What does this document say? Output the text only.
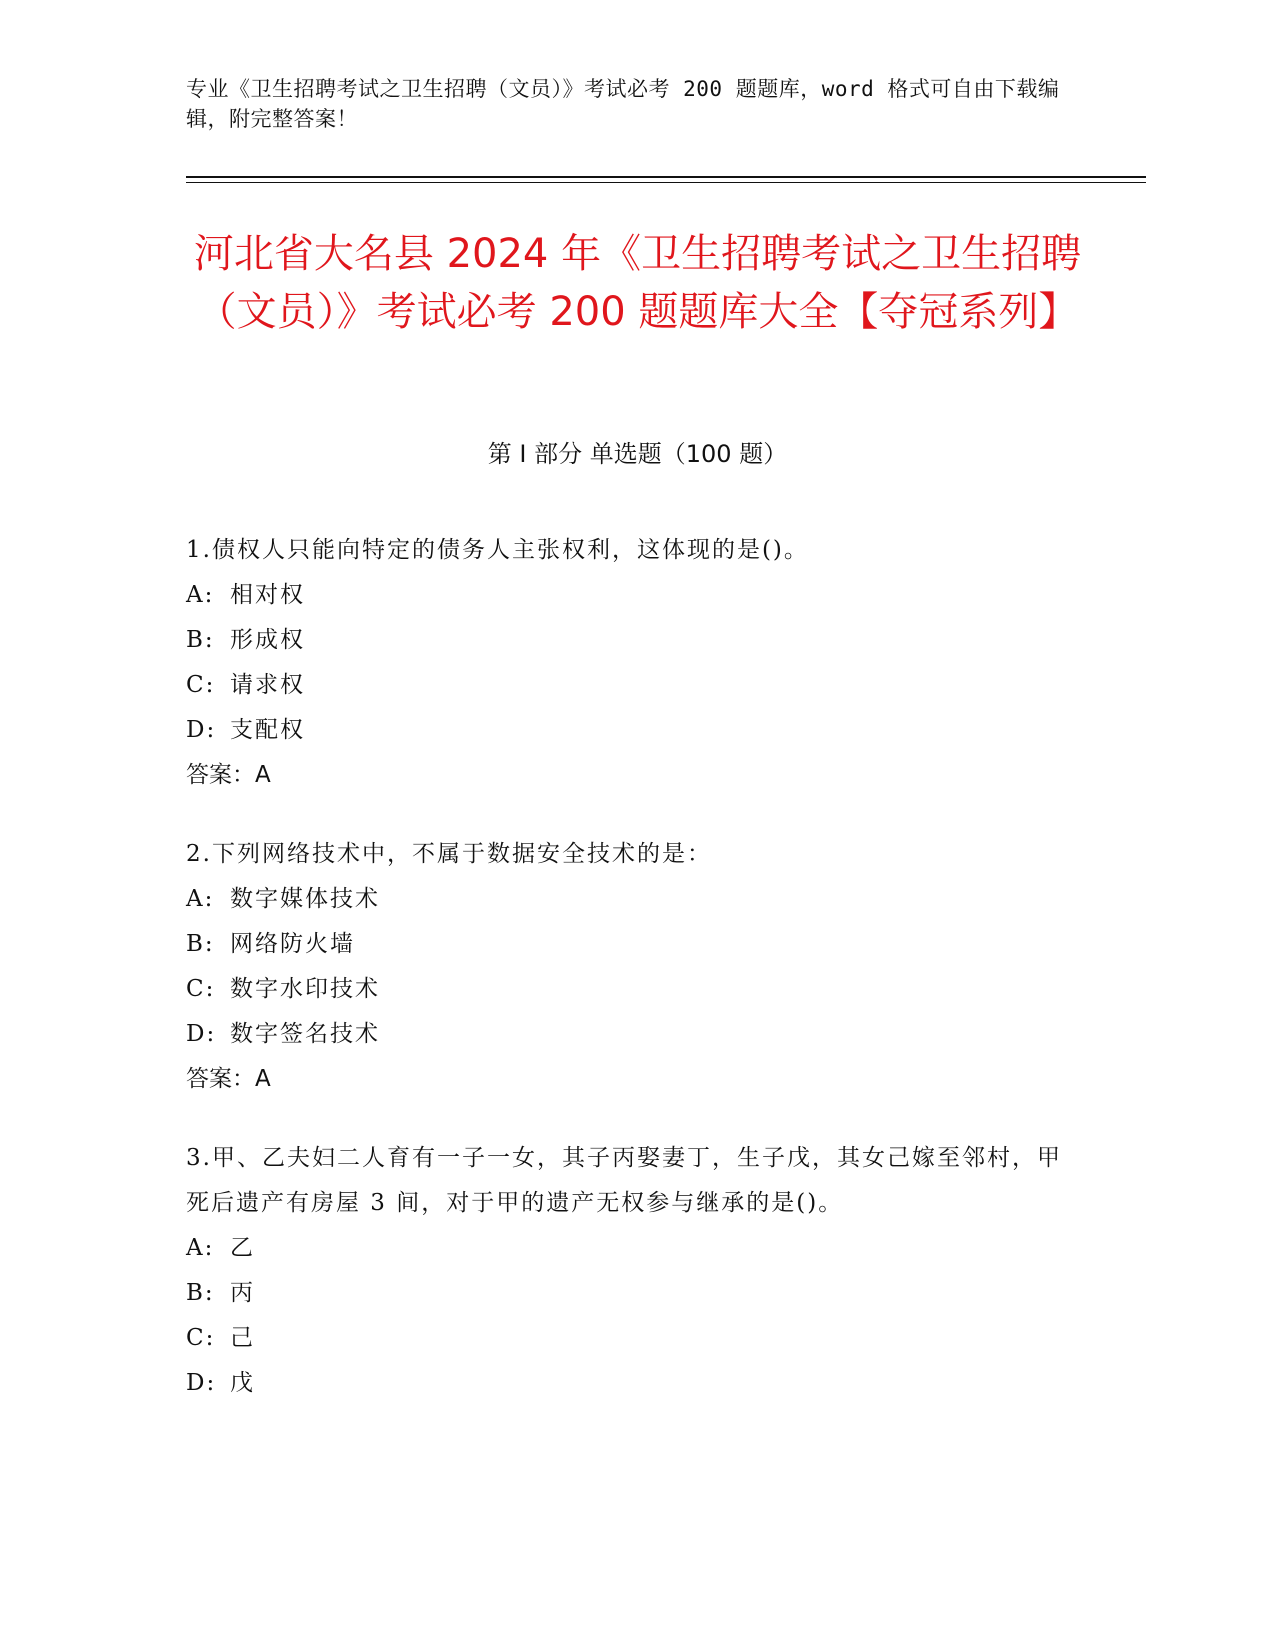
专业《卫生招聘考试之卫生招聘（文员）》考试必考 200 题题库，word 格式可自由下载编辑，附完整答案！
河北省大名县 2024 年《卫生招聘考试之卫生招聘（文员）》考试必考 200 题题库大全【夺冠系列】
第 I 部分 单选题（100 题）

1.债权人只能向特定的债务人主张权利，这体现的是()。

A: 相对权

B: 形成权

C: 请求权

D: 支配权

答案：A

2.下列网络技术中，不属于数据安全技术的是：

A: 数字媒体技术

B: 网络防火墙

C: 数字水印技术

D: 数字签名技术

答案：A

3.甲、乙夫妇二人育有一子一女，其子丙娶妻丁，生子戊，其女己嫁至邻村，甲死后遗产有房屋 3 间，对于甲的遗产无权参与继承的是()。

A: 乙

B: 丙

C: 己

D: 戊
